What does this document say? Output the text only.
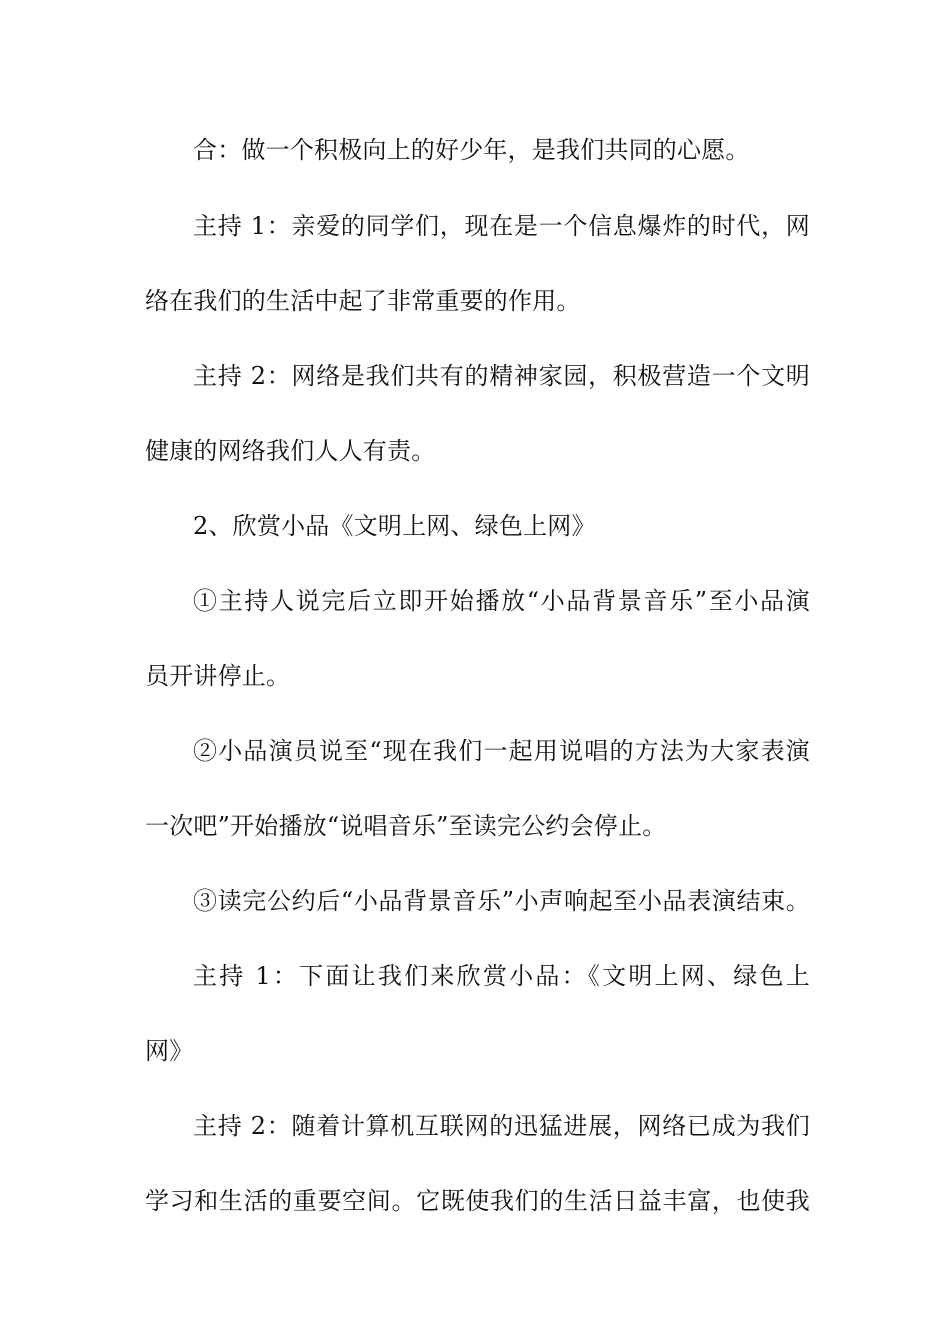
合：做一个积极向上的好少年，是我们共同的心愿。
主持 1：亲爱的同学们，现在是一个信息爆炸的时代，网
络在我们的生活中起了非常重要的作用。
主持 2：网络是我们共有的精神家园，积极营造一个文明
健康的网络我们人人有责。
2、欣赏小品《文明上网、绿色上网》
①主持人说完后立即开始播放“小品背景音乐”至小品演
员开讲停止。
②小品演员说至“现在我们一起用说唱的方法为大家表演
一次吧”开始播放“说唱音乐”至读完公约会停止。
③读完公约后“小品背景音乐”小声响起至小品表演结束。
主持 1：下面让我们来欣赏小品：《文明上网、绿色上
网》
主持 2：随着计算机互联网的迅猛进展，网络已成为我们
学习和生活的重要空间。它既使我们的生活日益丰富，也使我
